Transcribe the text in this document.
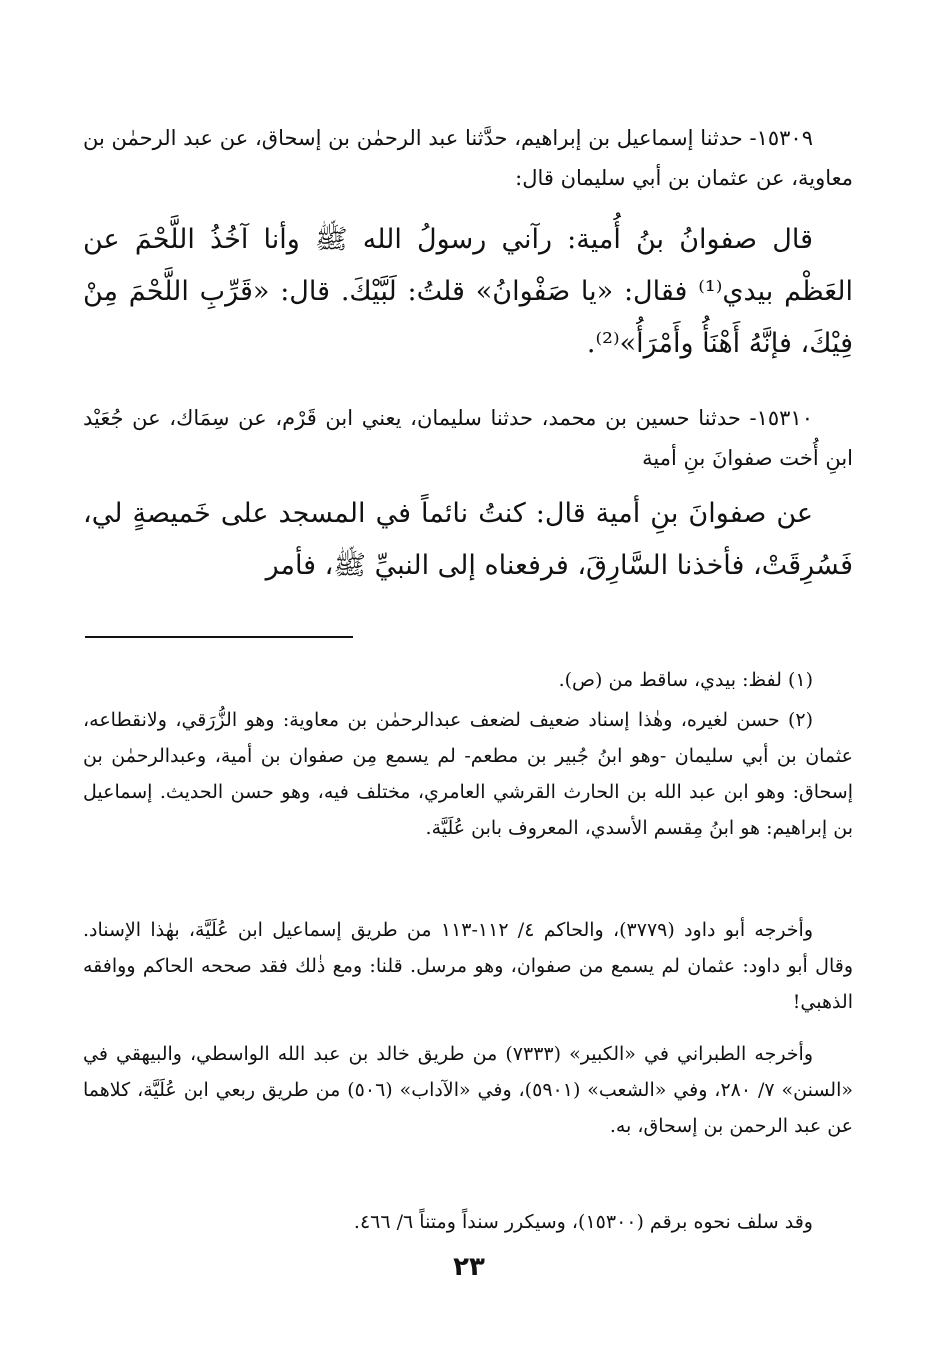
١٥٣٠٩- حدثنا إسماعيل بن إبراهيم، حدَّثنا عبد الرحمٰن بن إسحاق، عن عبد الرحمٰن بن معاوية، عن عثمان بن أبي سليمان قال:

قال صفوانُ بنُ أُمية: رآني رسولُ الله ﷺ وأنا آخُذُ اللَّحْمَ عن العَظْم بيدي⁽¹⁾ فقال: «يا صَفْوانُ» قلتُ: لَبَّيْكَ. قال: «قَرِّبِ اللَّحْمَ مِنْ فِيْكَ، فإنَّهُ أَهْنَأُ وأَمْرَأُ»⁽²⁾.

١٥٣١٠- حدثنا حسين بن محمد، حدثنا سليمان، يعني ابن قَرْم، عن سِمَاك، عن جُعَيْد ابنِ أُخت صفوانَ بنِ أمية

عن صفوانَ بنِ أمية قال: كنتُ نائماً في المسجد على خَميصةٍ لي، فَسُرِقَتْ، فأخذنا السَّارِقَ، فرفعناه إلى النبيِّ ﷺ، فأمر

(١) لفظ: بيدي، ساقط من (ص).

(٢) حسن لغيره، وهٰذا إسناد ضعيف لضعف عبدالرحمٰن بن معاوية: وهو الزُّرَقي، ولانقطاعه، عثمان بن أبي سليمان -وهو ابنُ جُبير بن مطعم- لم يسمع مِن صفوان بن أمية، وعبدالرحمٰن بن إسحاق: وهو ابن عبد الله بن الحارث القرشي العامري، مختلف فيه، وهو حسن الحديث. إسماعيل بن إبراهيم: هو ابنُ مِقسم الأسدي، المعروف بابن عُلَيَّة.

وأخرجه أبو داود (٣٧٧٩)، والحاكم ٤/ ١١٢-١١٣ من طريق إسماعيل ابن عُلَيَّة، بهٰذا الإسناد. وقال أبو داود: عثمان لم يسمع من صفوان، وهو مرسل. قلنا: ومع ذٰلك فقد صححه الحاكم ووافقه الذهبي!

وأخرجه الطبراني في «الكبير» (٧٣٣٣) من طريق خالد بن عبد الله الواسطي، والبيهقي في «السنن» ٧/ ٢٨٠، وفي «الشعب» (٥٩٠١)، وفي «الآداب» (٥٠٦) من طريق ربعي ابن عُلَيَّة، كلاهما عن عبد الرحمن بن إسحاق، به.

وقد سلف نحوه برقم (١٥٣٠٠)، وسيكرر سنداً ومتناً ٦/ ٤٦٦.

٢٣
